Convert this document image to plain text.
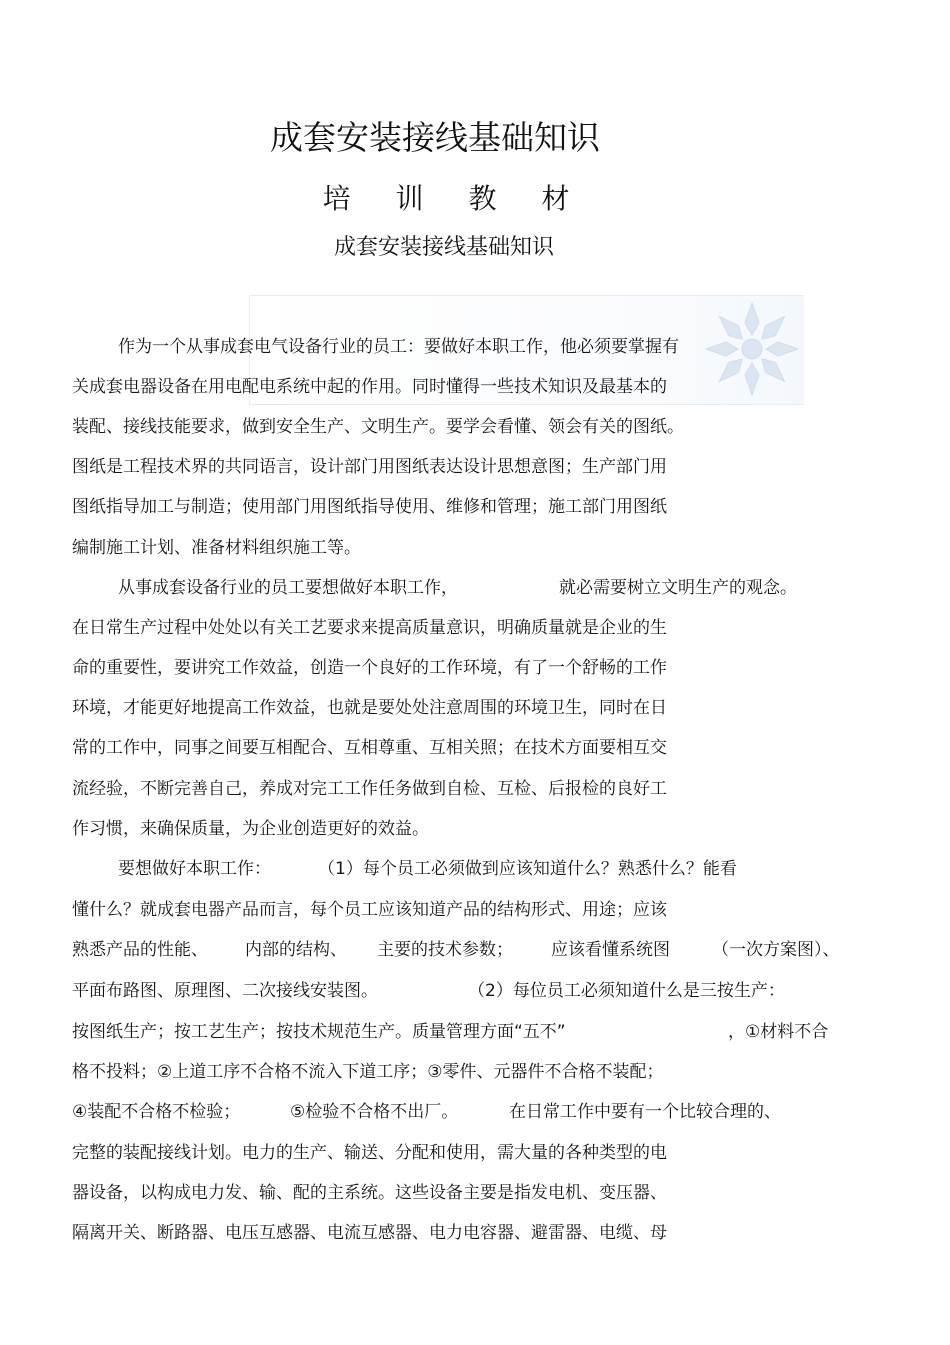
成套安装接线基础知识
培 训 教 材
成套安装接线基础知识
作为一个从事成套电气设备行业的员工：要做好本职工作，他必须要掌握有
关成套电器设备在用电配电系统中起的作用。同时懂得一些技术知识及最基本的
装配、接线技能要求，做到安全生产、文明生产。要学会看懂、领会有关的图纸。
图纸是工程技术界的共同语言，设计部门用图纸表达设计思想意图；生产部门用
图纸指导加工与制造；使用部门用图纸指导使用、维修和管理；施工部门用图纸
编制施工计划、准备材料组织施工等。
从事成套设备行业的员工要想做好本职工作，	就必需要树立文明生产的观念。
在日常生产过程中处处以有关工艺要求来提高质量意识，明确质量就是企业的生
命的重要性，要讲究工作效益，创造一个良好的工作环境，有了一个舒畅的工作
环境，才能更好地提高工作效益，也就是要处处注意周围的环境卫生，同时在日
常的工作中，同事之间要互相配合、互相尊重、互相关照；在技术方面要相互交
流经验，不断完善自己，养成对完工工作任务做到自检、互检、后报检的良好工
作习惯，来确保质量，为企业创造更好的效益。
要想做好本职工作：	（1）每个员工必须做到应该知道什么？熟悉什么？能看
懂什么？就成套电器产品而言，每个员工应该知道产品的结构形式、用途；应该
熟悉产品的性能、 内部的结构、 主要的技术参数； 应该看懂系统图 （一次方案图）、
平面布路图、原理图、二次接线安装图。	（2）每位员工必须知道什么是三按生产：
按图纸生产；按工艺生产；按技术规范生产。质量管理方面“五不”	，①材料不合
格不投料；②上道工序不合格不流入下道工序；③零件、元器件不合格不装配；
④装配不合格不检验；	⑤检验不合格不出厂。	在日常工作中要有一个比较合理的、
完整的装配接线计划。电力的生产、输送、分配和使用，需大量的各种类型的电
器设备，以构成电力发、输、配的主系统。这些设备主要是指发电机、变压器、
隔离开关、断路器、电压互感器、电流互感器、电力电容器、避雷器、电缆、母
